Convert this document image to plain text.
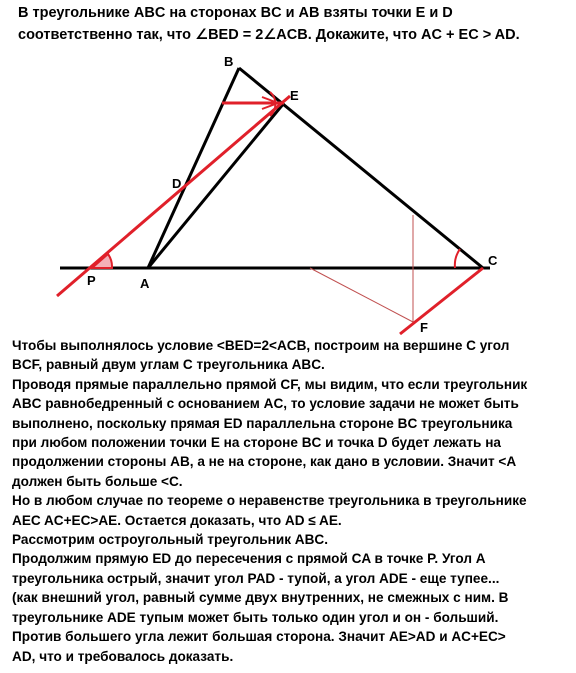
В треугольнике ABC на сторонах BC и AB взяты точки E и D
соответственно так, что ∠BED = 2∠ACB. Докажите, что AC + EC > AD.
B
E
D
C
P	A
F
Чтобы выполнялось условие <BED=2<ACB, построим на вершине С угол
BCF, равный двум углам С треугольника ABC.
Проводя прямые параллельно прямой CF, мы видим, что если треугольник
ABC равнобедренный с основанием AC, то условие задачи не может быть
выполнено, поскольку прямая ED параллельна стороне BC треугольника
при любом положении точки Е на стороне BC и точка D будет лежать на
продолжении стороны AB, а не на стороне, как дано в условии. Значит <A
должен быть больше <C.
Но в любом случае по теореме о неравенстве треугольника в треугольнике
AEC AC+EC>AE. Остается доказать, что AD ≤ AE.
Рассмотрим остроугольный треугольник ABC.
Продолжим прямую ED до пересечения с прямой CA в точке P. Угол A
треугольника острый, значит угол PAD - тупой, а угол ADE - еще тупее...
(как внешний угол, равный сумме двух внутренних, не смежных с ним. В
треугольнике ADE тупым может быть только один угол и он - больший.
Против большего угла лежит большая сторона. Значит AE>AD и AC+EC>
AD, что и требовалось доказать.
